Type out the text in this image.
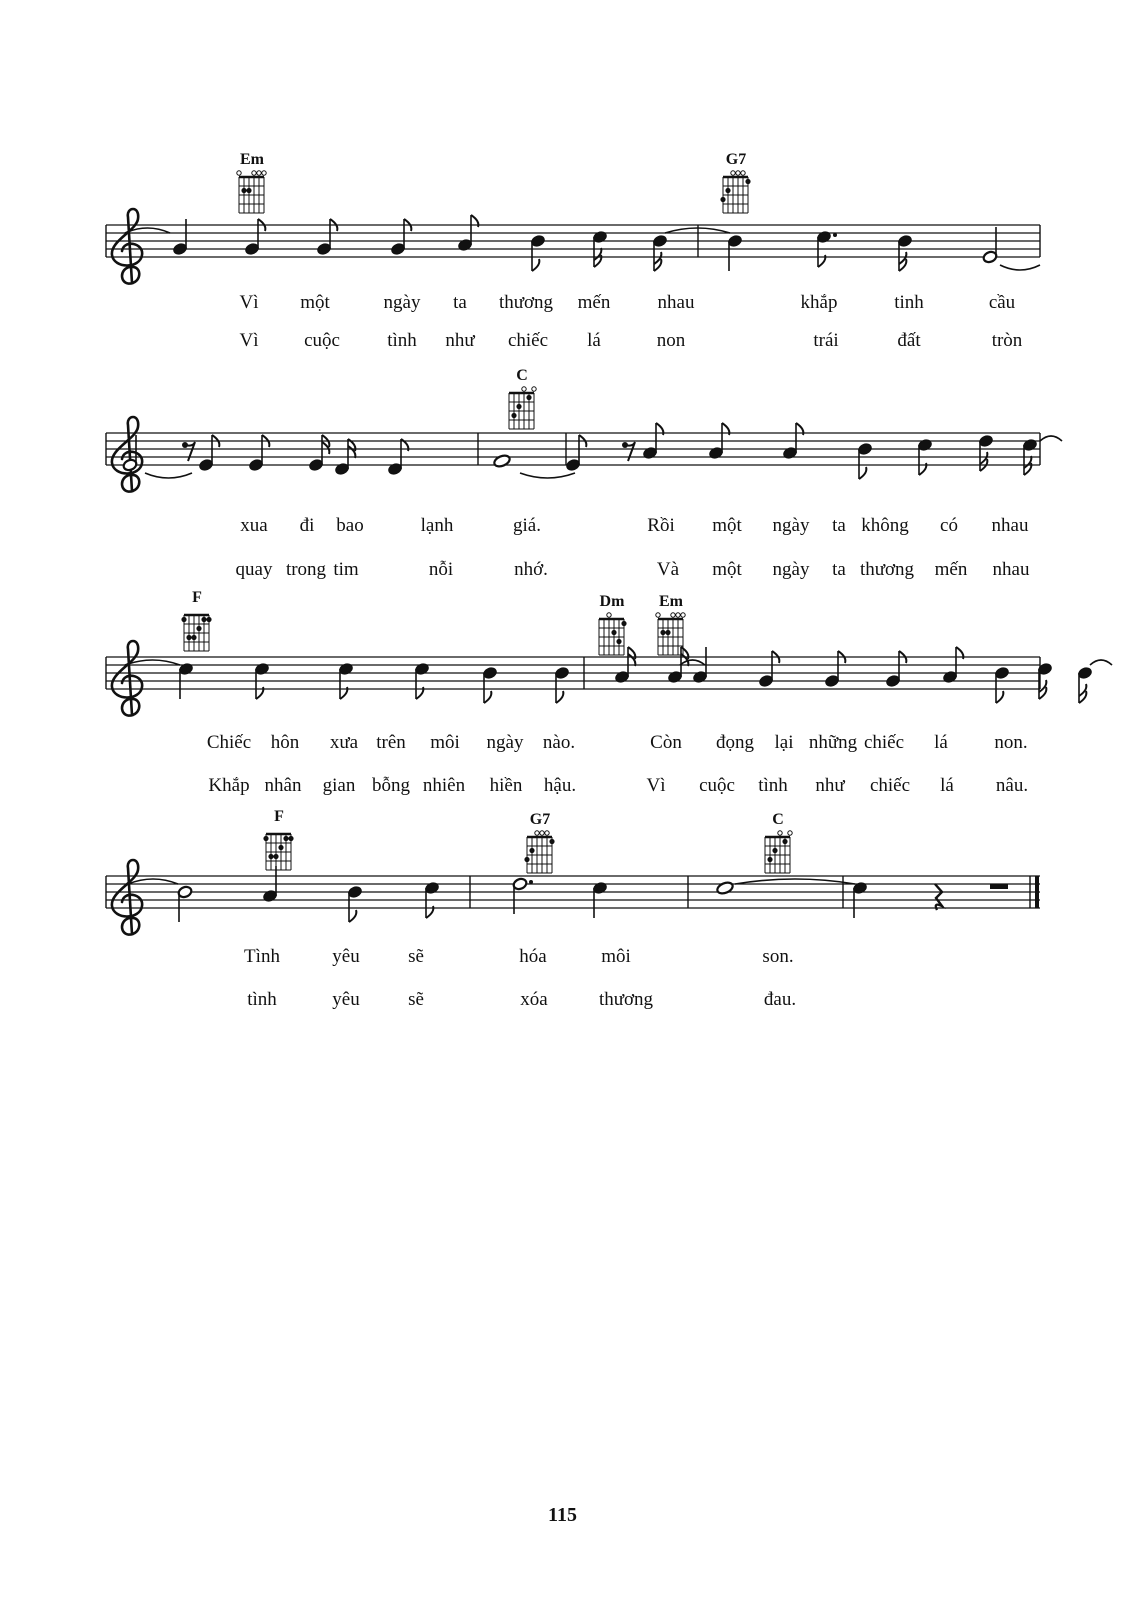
Em	G7
Vì một	ngày ta thương mến nhau	khắp	tinh	cầu
Vì cuộc tình như chiếc lá	non	trái	đất	tròn
C
xua đi bao	lạnh	giá.	Rồi một ngày ta không có nhau
quay trong tim	nỗi	nhớ.	Và một ngày ta thương mến nhau
F	Dm	Em
Chiếc hôn xưa trên môi ngày nào.	Còn đọng lại những chiếc lá non.
Khắp nhân gian bỗng nhiên hiền hậu.	Vì cuộc tình như chiếc lá nâu.
F	G7	C
Tình	yêu	sẽ	hóa	môi	son.
tình	yêu	sẽ	xóa	thương	đau.
115
